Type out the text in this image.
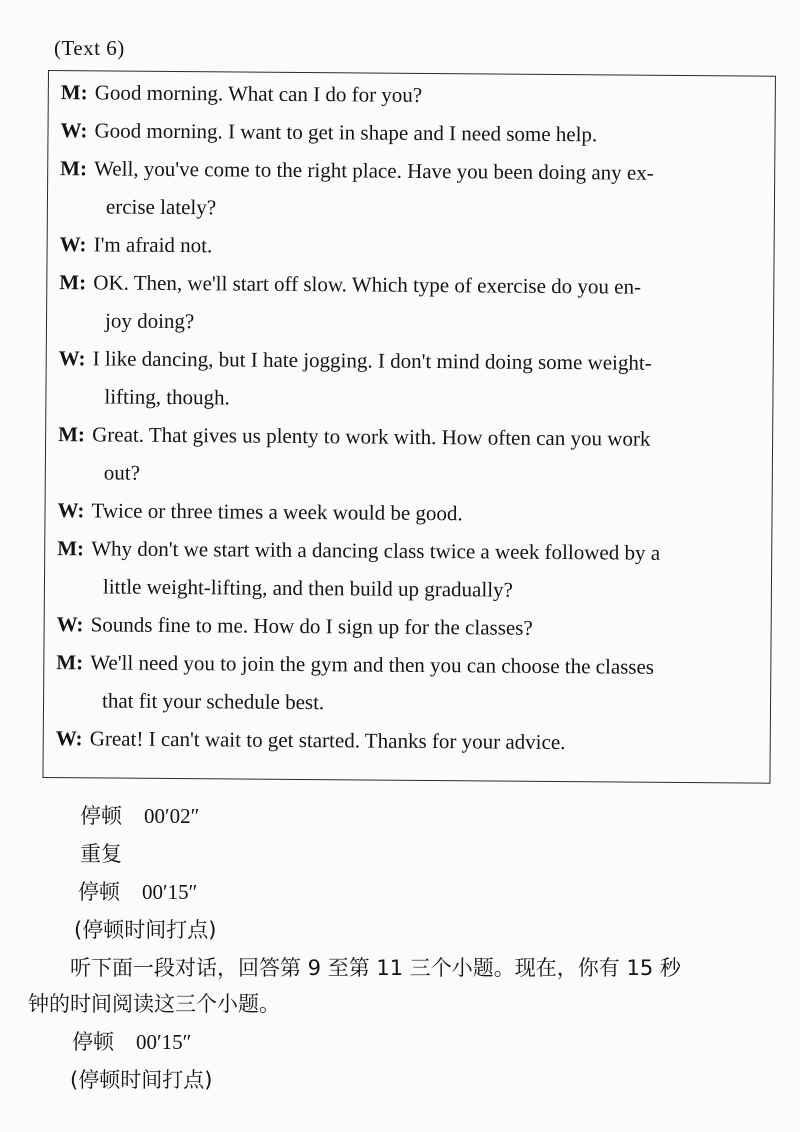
(Text 6)
M: Good morning. What can I do for you?
W: Good morning. I want to get in shape and I need some help.
M: Well, you've come to the right place. Have you been doing any ex-
ercise lately?
W: I'm afraid not.
M: OK. Then, we'll start off slow. Which type of exercise do you en-
joy doing?
W: I like dancing, but I hate jogging. I don't mind doing some weight-
lifting, though.
M: Great. That gives us plenty to work with. How often can you work
out?
W: Twice or three times a week would be good.
M: Why don't we start with a dancing class twice a week followed by a
little weight-lifting, and then build up gradually?
W: Sounds fine to me. How do I sign up for the classes?
M: We'll need you to join the gym and then you can choose the classes
that fit your schedule best.
W: Great! I can't wait to get started. Thanks for your advice.
停顿 00′02″
重复
停顿 00′15″
(停顿时间打点)
听下面一段对话，回答第 9 至第 11 三个小题。现在，你有 15 秒
钟的时间阅读这三个小题。
停顿 00′15″
(停顿时间打点)
